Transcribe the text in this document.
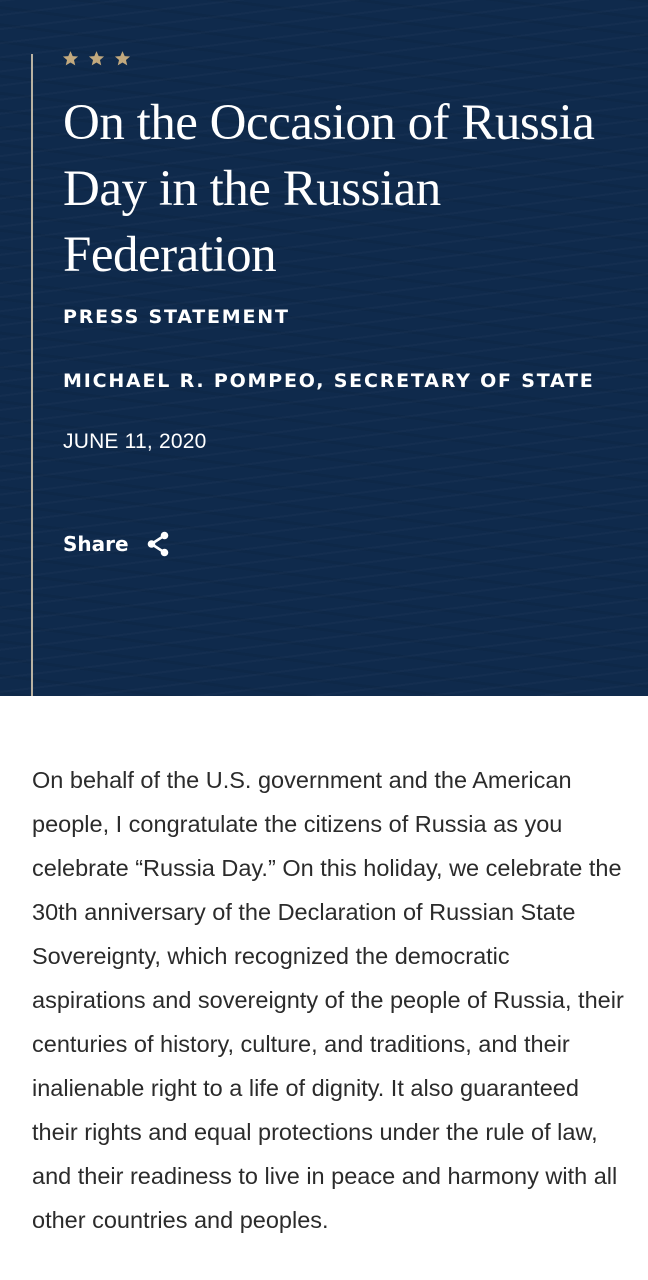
On the Occasion of Russia Day in the Russian Federation
PRESS STATEMENT
MICHAEL R. POMPEO, SECRETARY OF STATE
JUNE 11, 2020
Share

On behalf of the U.S. government and the American people, I congratulate the citizens of Russia as you celebrate “Russia Day.” On this holiday, we celebrate the 30th anniversary of the Declaration of Russian State Sovereignty, which recognized the democratic aspirations and sovereignty of the people of Russia, their centuries of history, culture, and traditions, and their inalienable right to a life of dignity. It also guaranteed their rights and equal protections under the rule of law, and their readiness to live in peace and harmony with all other countries and peoples.
